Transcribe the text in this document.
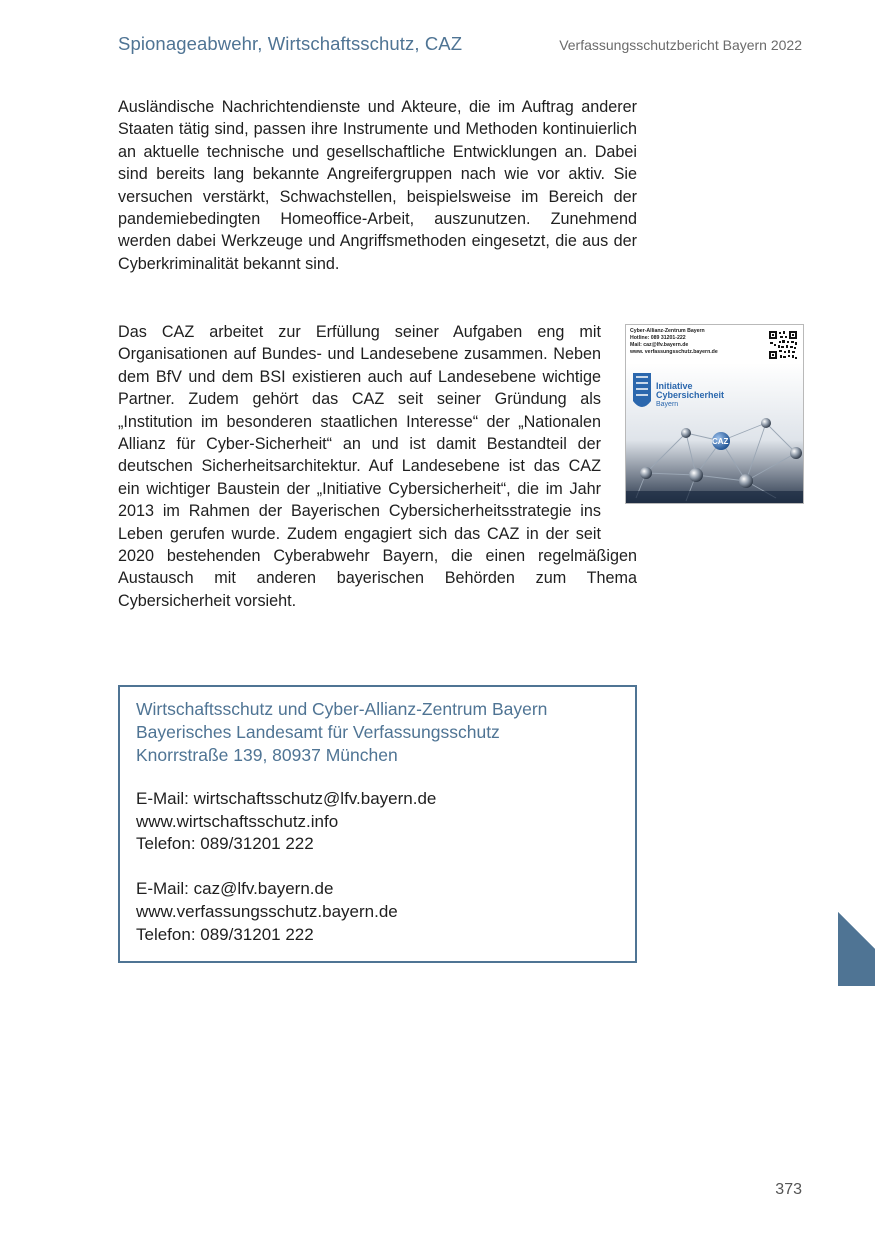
Spionageabwehr, Wirtschaftsschutz, CAZ	Verfassungsschutzbericht Bayern 2022

Ausländische Nachrichtendienste und Akteure, die im Auftrag anderer Staaten tätig sind, passen ihre Instrumente und Methoden kontinuierlich an aktuelle technische und gesellschaftliche Entwicklungen an. Dabei sind bereits lang bekannte Angreifergruppen nach wie vor aktiv. Sie versuchen verstärkt, Schwachstellen, beispielsweise im Bereich der pandemiebedingten Homeoffice-Arbeit, auszunutzen. Zunehmend werden dabei Werkzeuge und Angriffsmethoden eingesetzt, die aus der Cyberkriminalität bekannt sind.

Das CAZ arbeitet zur Erfüllung seiner Aufgaben eng mit Organisationen auf Bundes- und Landesebene zusammen. Neben dem BfV und dem BSI existieren auch auf Landesebene wichtige Partner. Zudem gehört das CAZ seit seiner Gründung als „Institution im besonderen staatlichen Interesse“ der „Nationalen Allianz für Cyber-Sicherheit“ an und ist damit Bestandteil der deutschen Sicherheitsarchitektur. Auf Landesebene ist das CAZ ein wichtiger Baustein der „Initiative Cybersicherheit“, die im Jahr 2013 im Rahmen der Bayerischen Cybersicherheitsstrategie ins Leben gerufen wurde. Zudem engagiert sich das CAZ in der seit 2020 bestehenden Cyberabwehr Bayern, die einen regelmäßigen Austausch mit anderen bayerischen Behörden zum Thema Cybersicherheit vorsieht.

Cyber-Allianz-Zentrum Bayern
Hotline: 089 31201-222
Mail: caz@lfv.bayern.de
www. verfassungsschutz.bayern.de
Initiative
Cybersicherheit
Bayern
CAZ
Wirtschaftsschutz und Cyber-Allianz-Zentrum Bayern
Bayerisches Landesamt für Verfassungsschutz
Knorrstraße 139, 80937 München
E-Mail: wirtschaftsschutz@lfv.bayern.de
www.wirtschaftsschutz.info
Telefon: 089/31201 222
E-Mail: caz@lfv.bayern.de
www.verfassungsschutz.bayern.de
Telefon: 089/31201 222
373
